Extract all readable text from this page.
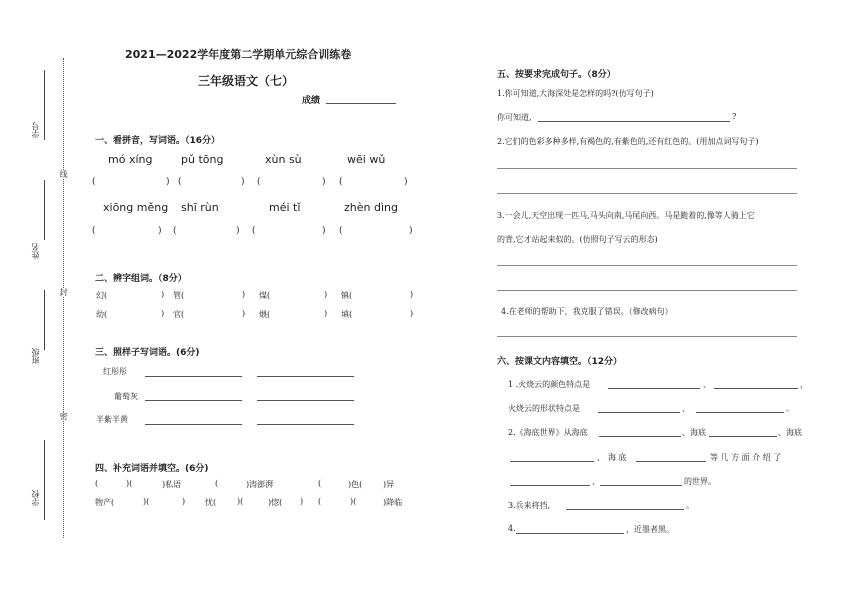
学号
姓名
班级
学校
线
封
密
2021—2022学年度第二学期单元综合训练卷
三年级语文（七）
成绩
一、看拼音，写词语。（16分）
mó xíng	pǔ tōng	xùn sù	wēi wǔ
(	) (	) (	) (	)
xiōng měng shī rùn	méi tǐ	zhèn dìng
(	) (	) (	) (	)
二、辨字组词。（8分）
幻(	) 管(	) 煤(	) 镇(	)
幼(	) 官(	) 煨(	) 填(	)
三、照样子写词语。(6分)
红彤彤
葡萄灰
半紫半黄
四、补充词语并填空。(6分)
(	)(	)私语	(	)涛澎湃	(	)色(	)异
物产(	)(	) 忧(	)(	)惚( ) (	)(	)降临
五、按要求完成句子。（8分）
1.你可知道,大海深处是怎样的吗?(仿写句子)
你可知道,	?
2.它们的色彩多种多样,有褐色的,有紫色的,还有红色的。(用加点词写句子)
3.一会儿,天空出现一匹马,马头向南,马尾向西。马是跪着的,像等人骑上它
的背,它才站起来似的。(仿照句子写云的形态)
4.在老师的帮助下，我克服了错误。（修改病句）
六、按课文内容填空。（12分）
1 .火烧云的颜色特点是	、	，
火烧云的形状特点是	、	。
2.《海底世界》从海底	、 海底	、 海底
、 海 底	等 几 方 面 介 绍 了
、	的世界。
3.兵来将挡,	。
4.	，近墨者黑。
